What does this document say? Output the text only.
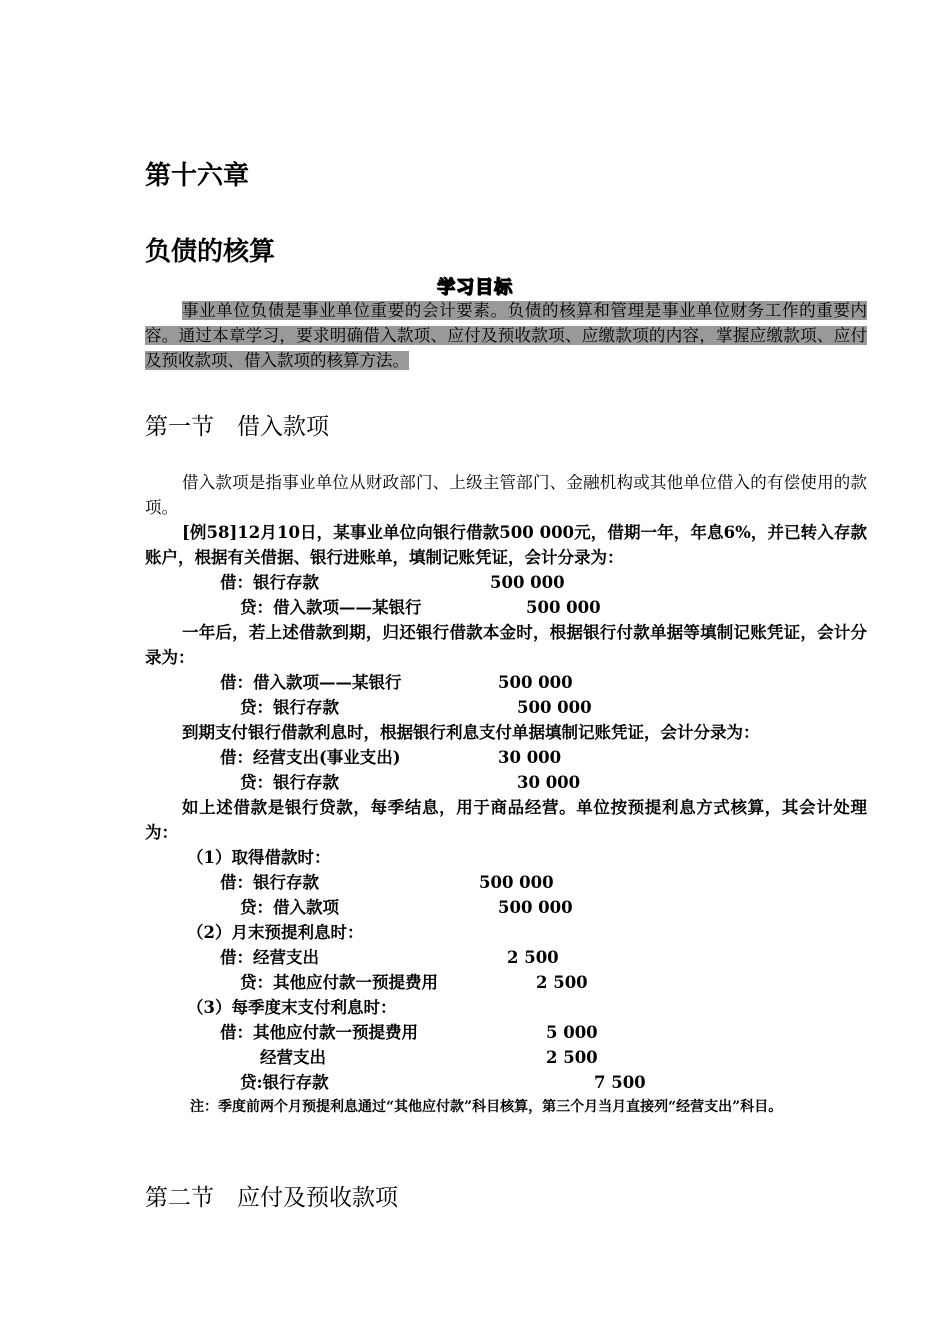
第十六章
负债的核算
学习目标
事业单位负债是事业单位重要的会计要素。负债的核算和管理是事业单位财务工作的重要内容。通过本章学习，要求明确借入款项、应付及预收款项、应缴款项的内容，掌握应缴款项、应付及预收款项、借入款项的核算方法。
第一节　借入款项
借入款项是指事业单位从财政部门、上级主管部门、金融机构或其他单位借入的有偿使用的款项。
[例58]12月10日，某事业单位向银行借款500 000元，借期一年，年息6%，并已转入存款账户，根据有关借据、银行进账单，填制记账凭证，会计分录为：
借：银行存款	500 000
贷：借入款项——某银行	500 000
一年后，若上述借款到期，归还银行借款本金时，根据银行付款单据等填制记账凭证，会计分录为：
借：借入款项——某银行	500 000
贷：银行存款	500 000
到期支付银行借款利息时，根据银行利息支付单据填制记账凭证，会计分录为：
借：经营支出(事业支出)	30 000
贷：银行存款	30 000
如上述借款是银行贷款，每季结息，用于商品经营。单位按预提利息方式核算，其会计处理为：
（1）取得借款时：
借：银行存款	500 000
贷：借入款项	500 000
（2）月末预提利息时：
借：经营支出	2 500
贷：其他应付款一预提费用	2 500
（3）每季度末支付利息时：
借：其他应付款一预提费用	5 000
经营支出	2 500
贷:银行存款	7 500
注：季度前两个月预提利息通过“其他应付款”科目核算，第三个月当月直接列“经营支出”科目。
第二节　应付及预收款项
